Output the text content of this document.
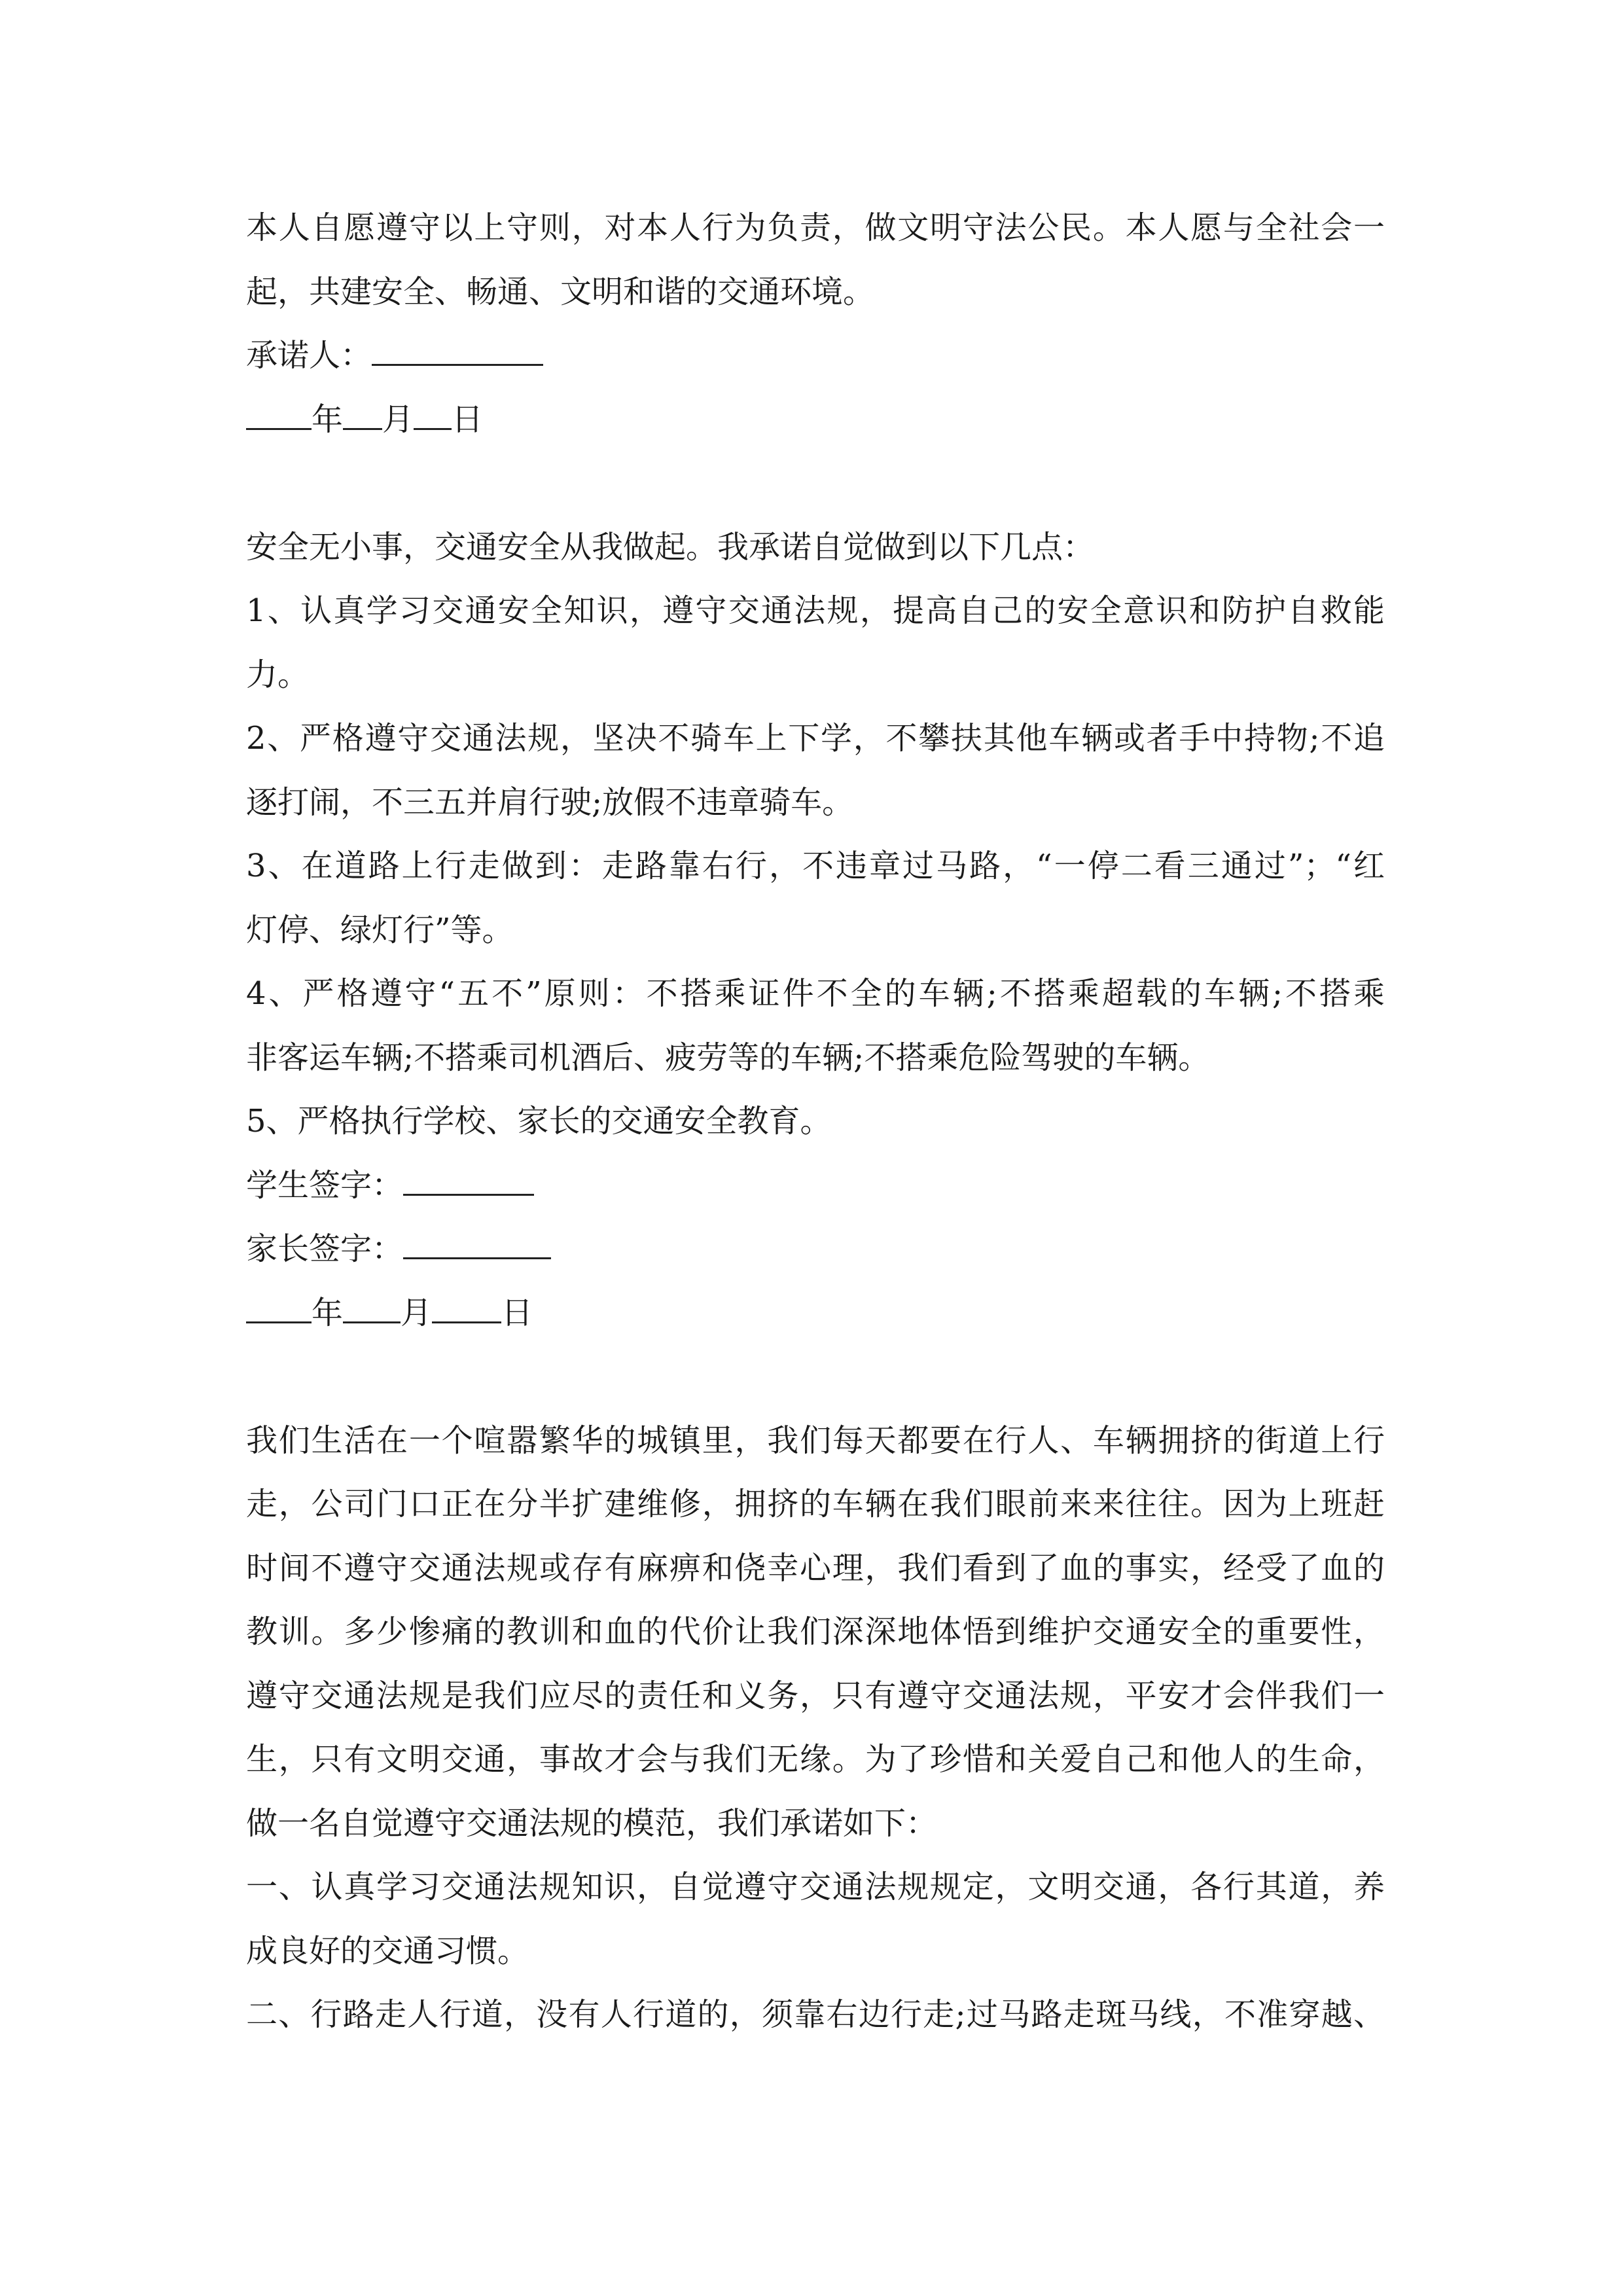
本人自愿遵守以上守则，对本人行为负责，做文明守法公民。本人愿与全社会一
起，共建安全、畅通、文明和谐的交通环境。
承诺人：
年 月 日
安全无小事，交通安全从我做起。我承诺自觉做到以下几点：
1、认真学习交通安全知识，遵守交通法规，提高自己的安全意识和防护自救能
力。
2、严格遵守交通法规，坚决不骑车上下学，不攀扶其他车辆或者手中持物;不追
逐打闹，不三五并肩行驶;放假不违章骑车。
3、在道路上行走做到：走路靠右行，不违章过马路，“一停二看三通过”；“红
灯停、绿灯行”等。
4、严格遵守“五不”原则：不搭乘证件不全的车辆;不搭乘超载的车辆;不搭乘
非客运车辆;不搭乘司机酒后、疲劳等的车辆;不搭乘危险驾驶的车辆。
5、严格执行学校、家长的交通安全教育。
学生签字：
家长签字：
年 月 日
我们生活在一个喧嚣繁华的城镇里，我们每天都要在行人、车辆拥挤的街道上行
走，公司门口正在分半扩建维修，拥挤的车辆在我们眼前来来往往。因为上班赶
时间不遵守交通法规或存有麻痹和侥幸心理，我们看到了血的事实，经受了血的
教训。多少惨痛的教训和血的代价让我们深深地体悟到维护交通安全的重要性，
遵守交通法规是我们应尽的责任和义务，只有遵守交通法规，平安才会伴我们一
生，只有文明交通，事故才会与我们无缘。为了珍惜和关爱自己和他人的生命，
做一名自觉遵守交通法规的模范，我们承诺如下：
一、认真学习交通法规知识，自觉遵守交通法规规定，文明交通，各行其道，养
成良好的交通习惯。
二、行路走人行道，没有人行道的，须靠右边行走;过马路走斑马线，不准穿越、
